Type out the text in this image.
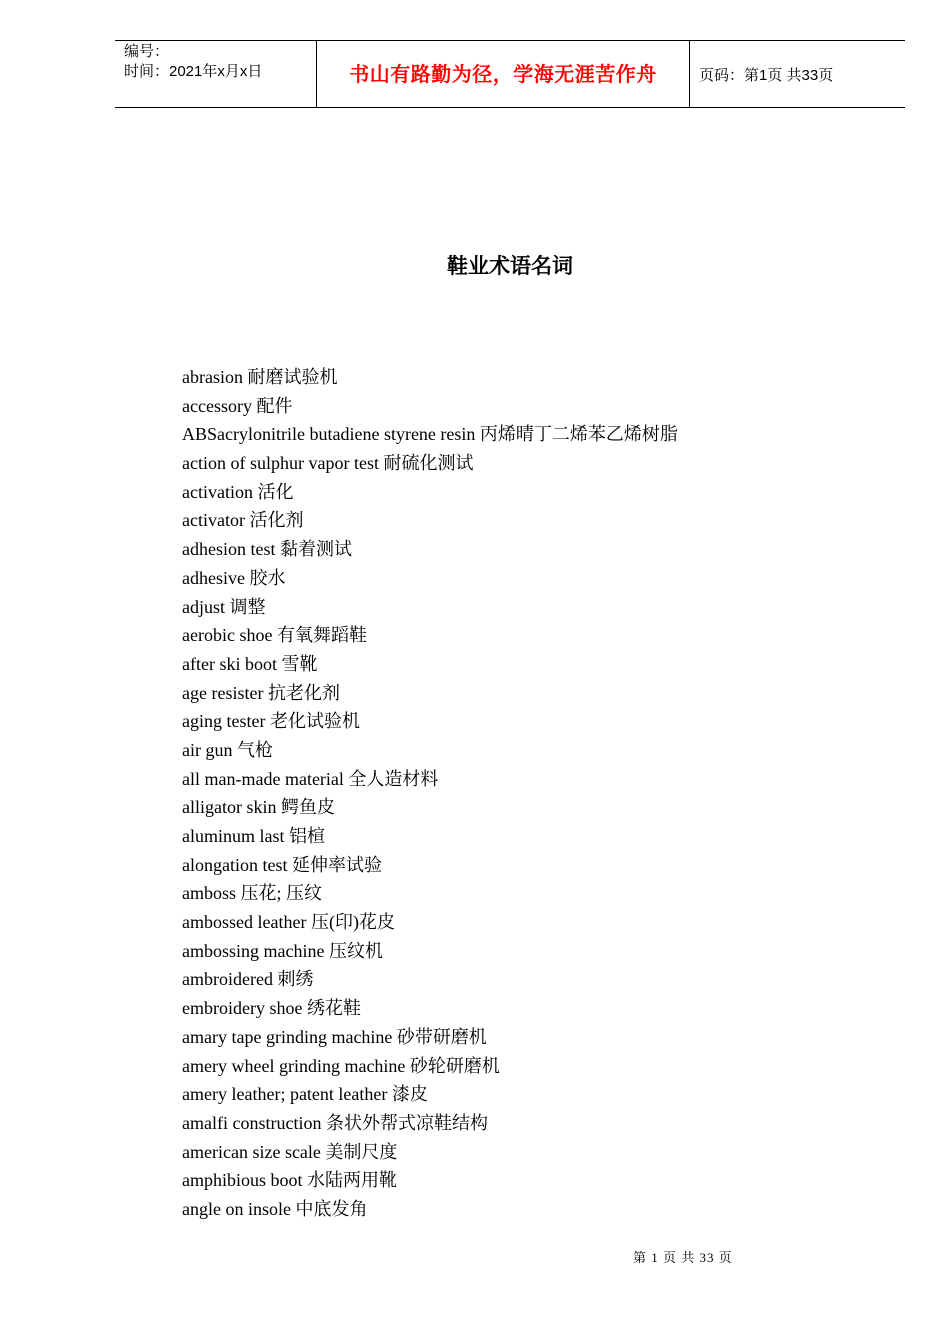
编号：
时间：2021年x月x日	书山有路勤为径，学海无涯苦作舟	页码：第1页 共33页
鞋业术语名词
abrasion 耐磨试验机
accessory 配件
ABSacrylonitrile butadiene styrene resin 丙烯晴丁二烯苯乙烯树脂
action of sulphur vapor test 耐硫化测试
activation 活化
activator 活化剂
adhesion test 黏着测试
adhesive 胶水
adjust 调整
aerobic shoe 有氧舞蹈鞋
after ski boot 雪靴
age resister 抗老化剂
aging tester 老化试验机
air gun 气枪
all man-made material 全人造材料
alligator skin 鳄鱼皮
aluminum last 铝楦
alongation test 延伸率试验
amboss 压花; 压纹
ambossed leather 压(印)花皮
ambossing machine 压纹机
ambroidered 刺绣
embroidery shoe 绣花鞋
amary tape grinding machine 砂带研磨机
amery wheel grinding machine 砂轮研磨机
amery leather; patent leather 漆皮
amalfi construction 条状外帮式凉鞋结构
american size scale 美制尺度
amphibious boot 水陆两用靴
angle on insole 中底发角
第 1 页 共 33 页
